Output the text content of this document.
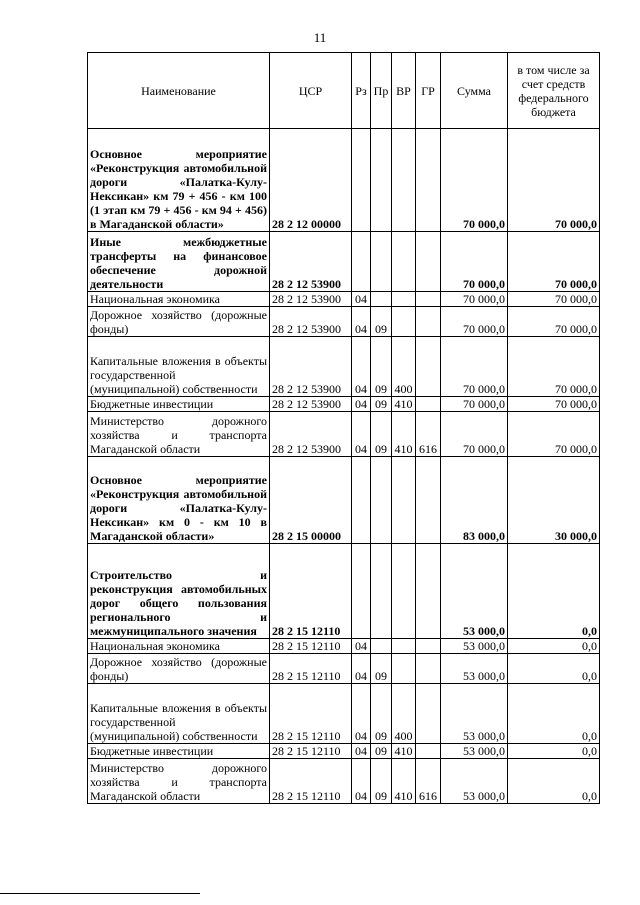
11
Наименование	ЦСР	Рз	Пр	ВР	ГР	Сумма	в том числе за счет средств федерального бюджета
Основное мероприятие «Реконструкция автомобильной дороги «Палатка-Кулу-Нексикан» км 79 + 456 - км 100 (1 этап км 79 + 456 - км 94 + 456) в Магаданской области»	28 2 12 00000					70 000,0	70 000,0
Иные межбюджетные трансферты на финансовое обеспечение дорожной деятельности	28 2 12 53900					70 000,0	70 000,0
Национальная экономика	28 2 12 53900	04				70 000,0	70 000,0
Дорожное хозяйство (дорожные фонды)	28 2 12 53900	04	09			70 000,0	70 000,0
Капитальные вложения в объекты государственной (муниципальной) собственности	28 2 12 53900	04	09	400		70 000,0	70 000,0
Бюджетные инвестиции	28 2 12 53900	04	09	410		70 000,0	70 000,0
Министерство дорожного хозяйства и транспорта Магаданской области	28 2 12 53900	04	09	410	616	70 000,0	70 000,0
Основное мероприятие «Реконструкция автомобильной дороги «Палатка-Кулу-Нексикан» км 0 - км 10 в Магаданской области»	28 2 15 00000					83 000,0	30 000,0
Строительство и реконструкция автомобильных дорог общего пользования регионального и межмуниципального значения	28 2 15 12110					53 000,0	0,0
Национальная экономика	28 2 15 12110	04				53 000,0	0,0
Дорожное хозяйство (дорожные фонды)	28 2 15 12110	04	09			53 000,0	0,0
Капитальные вложения в объекты государственной (муниципальной) собственности	28 2 15 12110	04	09	400		53 000,0	0,0
Бюджетные инвестиции	28 2 15 12110	04	09	410		53 000,0	0,0
Министерство дорожного хозяйства и транспорта Магаданской области	28 2 15 12110	04	09	410	616	53 000,0	0,0
